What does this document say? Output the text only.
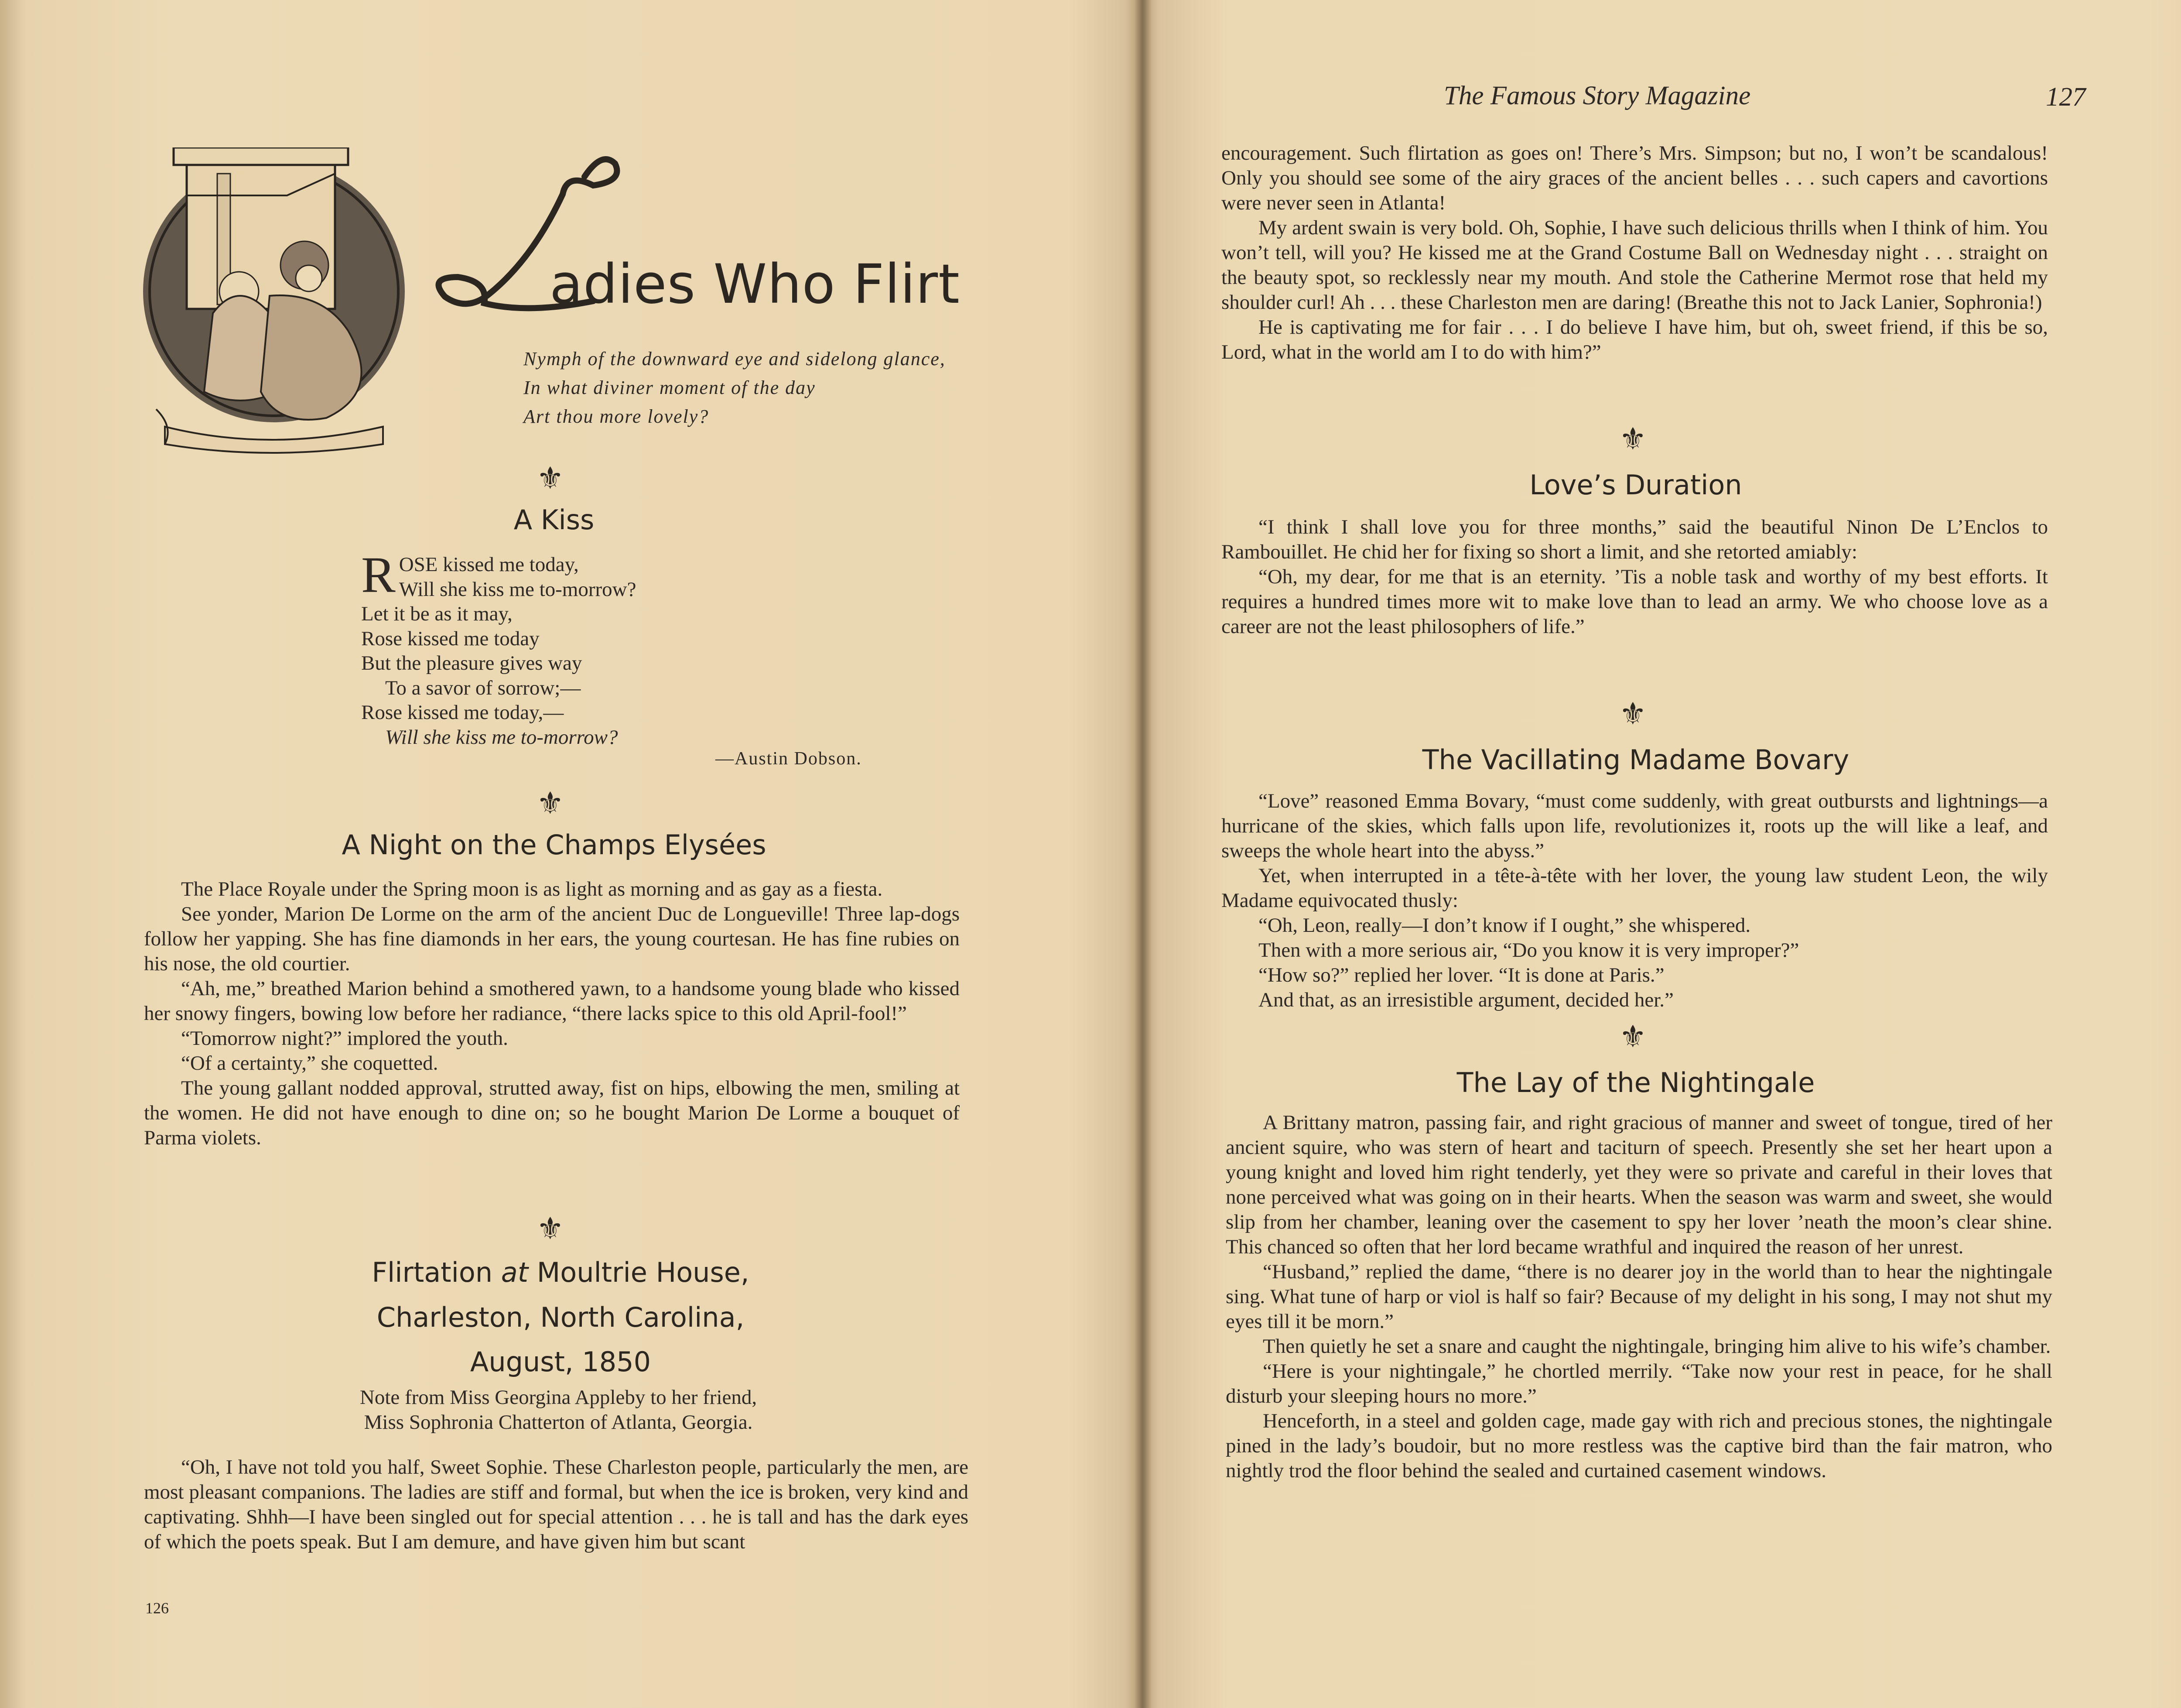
adies Who Flirt
Nymph of the downward eye and sidelong glance,
In what diviner moment of the day
Art thou more lovely?
⚜
A Kiss
R OSE kissed me today,
Will she kiss me to-morrow?
Let it be as it may,
Rose kissed me today
But the pleasure gives way
To a savor of sorrow;—
Rose kissed me today,—
Will she kiss me to-morrow?
—Austin Dobson.
⚜
A Night on the Champs Elysées

The Place Royale under the Spring moon is as light as morning and as gay as a fiesta.

See yonder, Marion De Lorme on the arm of the ancient Duc de Longueville! Three lap-dogs follow her yapping. She has fine diamonds in her ears, the young courtesan. He has fine rubies on his nose, the old courtier.

“Ah, me,” breathed Marion behind a smothered yawn, to a handsome young blade who kissed her snowy fingers, bowing low before her radiance, “there lacks spice to this old April-fool!”

“Tomorrow night?” implored the youth.

“Of a certainty,” she coquetted.

The young gallant nodded approval, strutted away, fist on hips, elbowing the men, smiling at the women. He did not have enough to dine on; so he bought Marion De Lorme a bouquet of Parma violets.

⚜
Flirtation at Moultrie House,
Charleston, North Carolina,
August, 1850
Note from Miss Georgina Appleby to her friend,
Miss Sophronia Chatterton of Atlanta, Georgia.

“Oh, I have not told you half, Sweet Sophie. These Charleston people, particularly the men, are most pleasant companions. The ladies are stiff and formal, but when the ice is broken, very kind and captivating. Shhh—I have been singled out for special attention . . . he is tall and has the dark eyes of which the poets speak. But I am demure, and have given him but scant

126
The Famous Story Magazine	127

encouragement. Such flirtation as goes on! There’s Mrs. Simpson; but no, I won’t be scandalous! Only you should see some of the airy graces of the ancient belles . . . such capers and cavortions were never seen in Atlanta!

My ardent swain is very bold. Oh, Sophie, I have such delicious thrills when I think of him. You won’t tell, will you? He kissed me at the Grand Costume Ball on Wednesday night . . . straight on the beauty spot, so recklessly near my mouth. And stole the Catherine Mermot rose that held my shoulder curl! Ah . . . these Charleston men are daring! (Breathe this not to Jack Lanier, Sophronia!)

He is captivating me for fair . . . I do believe I have him, but oh, sweet friend, if this be so, Lord, what in the world am I to do with him?”

⚜
Love’s Duration

“I think I shall love you for three months,” said the beautiful Ninon De L’Enclos to Rambouillet. He chid her for fixing so short a limit, and she retorted amiably:

“Oh, my dear, for me that is an eternity. ’Tis a noble task and worthy of my best efforts. It requires a hundred times more wit to make love than to lead an army. We who choose love as a career are not the least philosophers of life.”

⚜
The Vacillating Madame Bovary

“Love” reasoned Emma Bovary, “must come suddenly, with great outbursts and lightnings—a hurricane of the skies, which falls upon life, revolutionizes it, roots up the will like a leaf, and sweeps the whole heart into the abyss.”

Yet, when interrupted in a tête-à-tête with her lover, the young law student Leon, the wily Madame equivocated thusly:

“Oh, Leon, really—I don’t know if I ought,” she whispered.

Then with a more serious air, “Do you know it is very improper?”

“How so?” replied her lover. “It is done at Paris.”

And that, as an irresistible argument, decided her.”

⚜
The Lay of the Nightingale

A Brittany matron, passing fair, and right gracious of manner and sweet of tongue, tired of her ancient squire, who was stern of heart and taciturn of speech. Presently she set her heart upon a young knight and loved him right tenderly, yet they were so private and careful in their loves that none perceived what was going on in their hearts. When the season was warm and sweet, she would slip from her chamber, leaning over the casement to spy her lover ’neath the moon’s clear shine. This chanced so often that her lord became wrathful and inquired the reason of her unrest.

“Husband,” replied the dame, “there is no dearer joy in the world than to hear the nightingale sing. What tune of harp or viol is half so fair? Because of my delight in his song, I may not shut my eyes till it be morn.”

Then quietly he set a snare and caught the nightingale, bringing him alive to his wife’s chamber.

“Here is your nightingale,” he chortled merrily. “Take now your rest in peace, for he shall disturb your sleeping hours no more.”

Henceforth, in a steel and golden cage, made gay with rich and precious stones, the nightingale pined in the lady’s boudoir, but no more restless was the captive bird than the fair matron, who nightly trod the floor behind the sealed and curtained casement windows.
